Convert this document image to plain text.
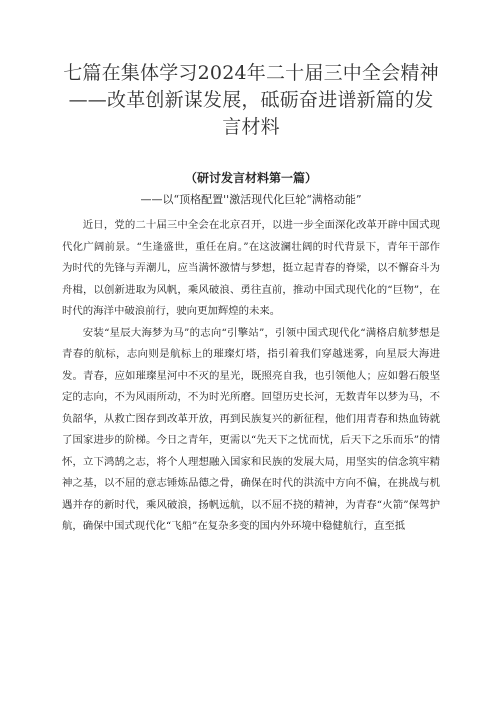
七篇在集体学习2024年二十届三中全会精神——改革创新谋发展，砥砺奋进谱新篇的发言材料
（研讨发言材料第一篇）
——以“顶格配置''激活现代化巨轮“满格动能”

近日，党的二十届三中全会在北京召开，以进一步全面深化改革开辟中国式现代化广阔前景。“生逢盛世，重任在肩。”在这波澜壮阔的时代背景下，青年干部作为时代的先锋与弄潮儿，应当满怀激情与梦想，挺立起青春的脊梁，以不懈奋斗为舟楫，以创新进取为风帆，乘风破浪、勇往直前，推动中国式现代化的“巨物”，在时代的海洋中破浪前行，驶向更加辉煌的未来。

安装“星辰大海梦为马”的志向“引擎站”，引领中国式现代化“满格启航梦想是青春的航标，志向则是航标上的璀璨灯塔，指引着我们穿越迷雾，向星辰大海进发。青春，应如璀璨星河中不灭的星光，既照亮自我，也引领他人；应如磐石般坚定的志向，不为风雨所动，不为时光所磨。回望历史长河，无数青年以梦为马，不负韶华，从救亡图存到改革开放，再到民族复兴的新征程，他们用青春和热血铸就了国家进步的阶梯。今日之青年，更需以“先天下之忧而忧，后天下之乐而乐”的情怀，立下鸿鹄之志，将个人理想融入国家和民族的发展大局，用坚实的信念筑牢精神之基，以不屈的意志锤炼品德之骨，确保在时代的洪流中方向不偏，在挑战与机遇并存的新时代，乘风破浪，扬帆远航，以不屈不挠的精神，为青春“火箭”保驾护航，确保中国式现代化“飞船”在复杂多变的国内外环境中稳健航行，直至抵
